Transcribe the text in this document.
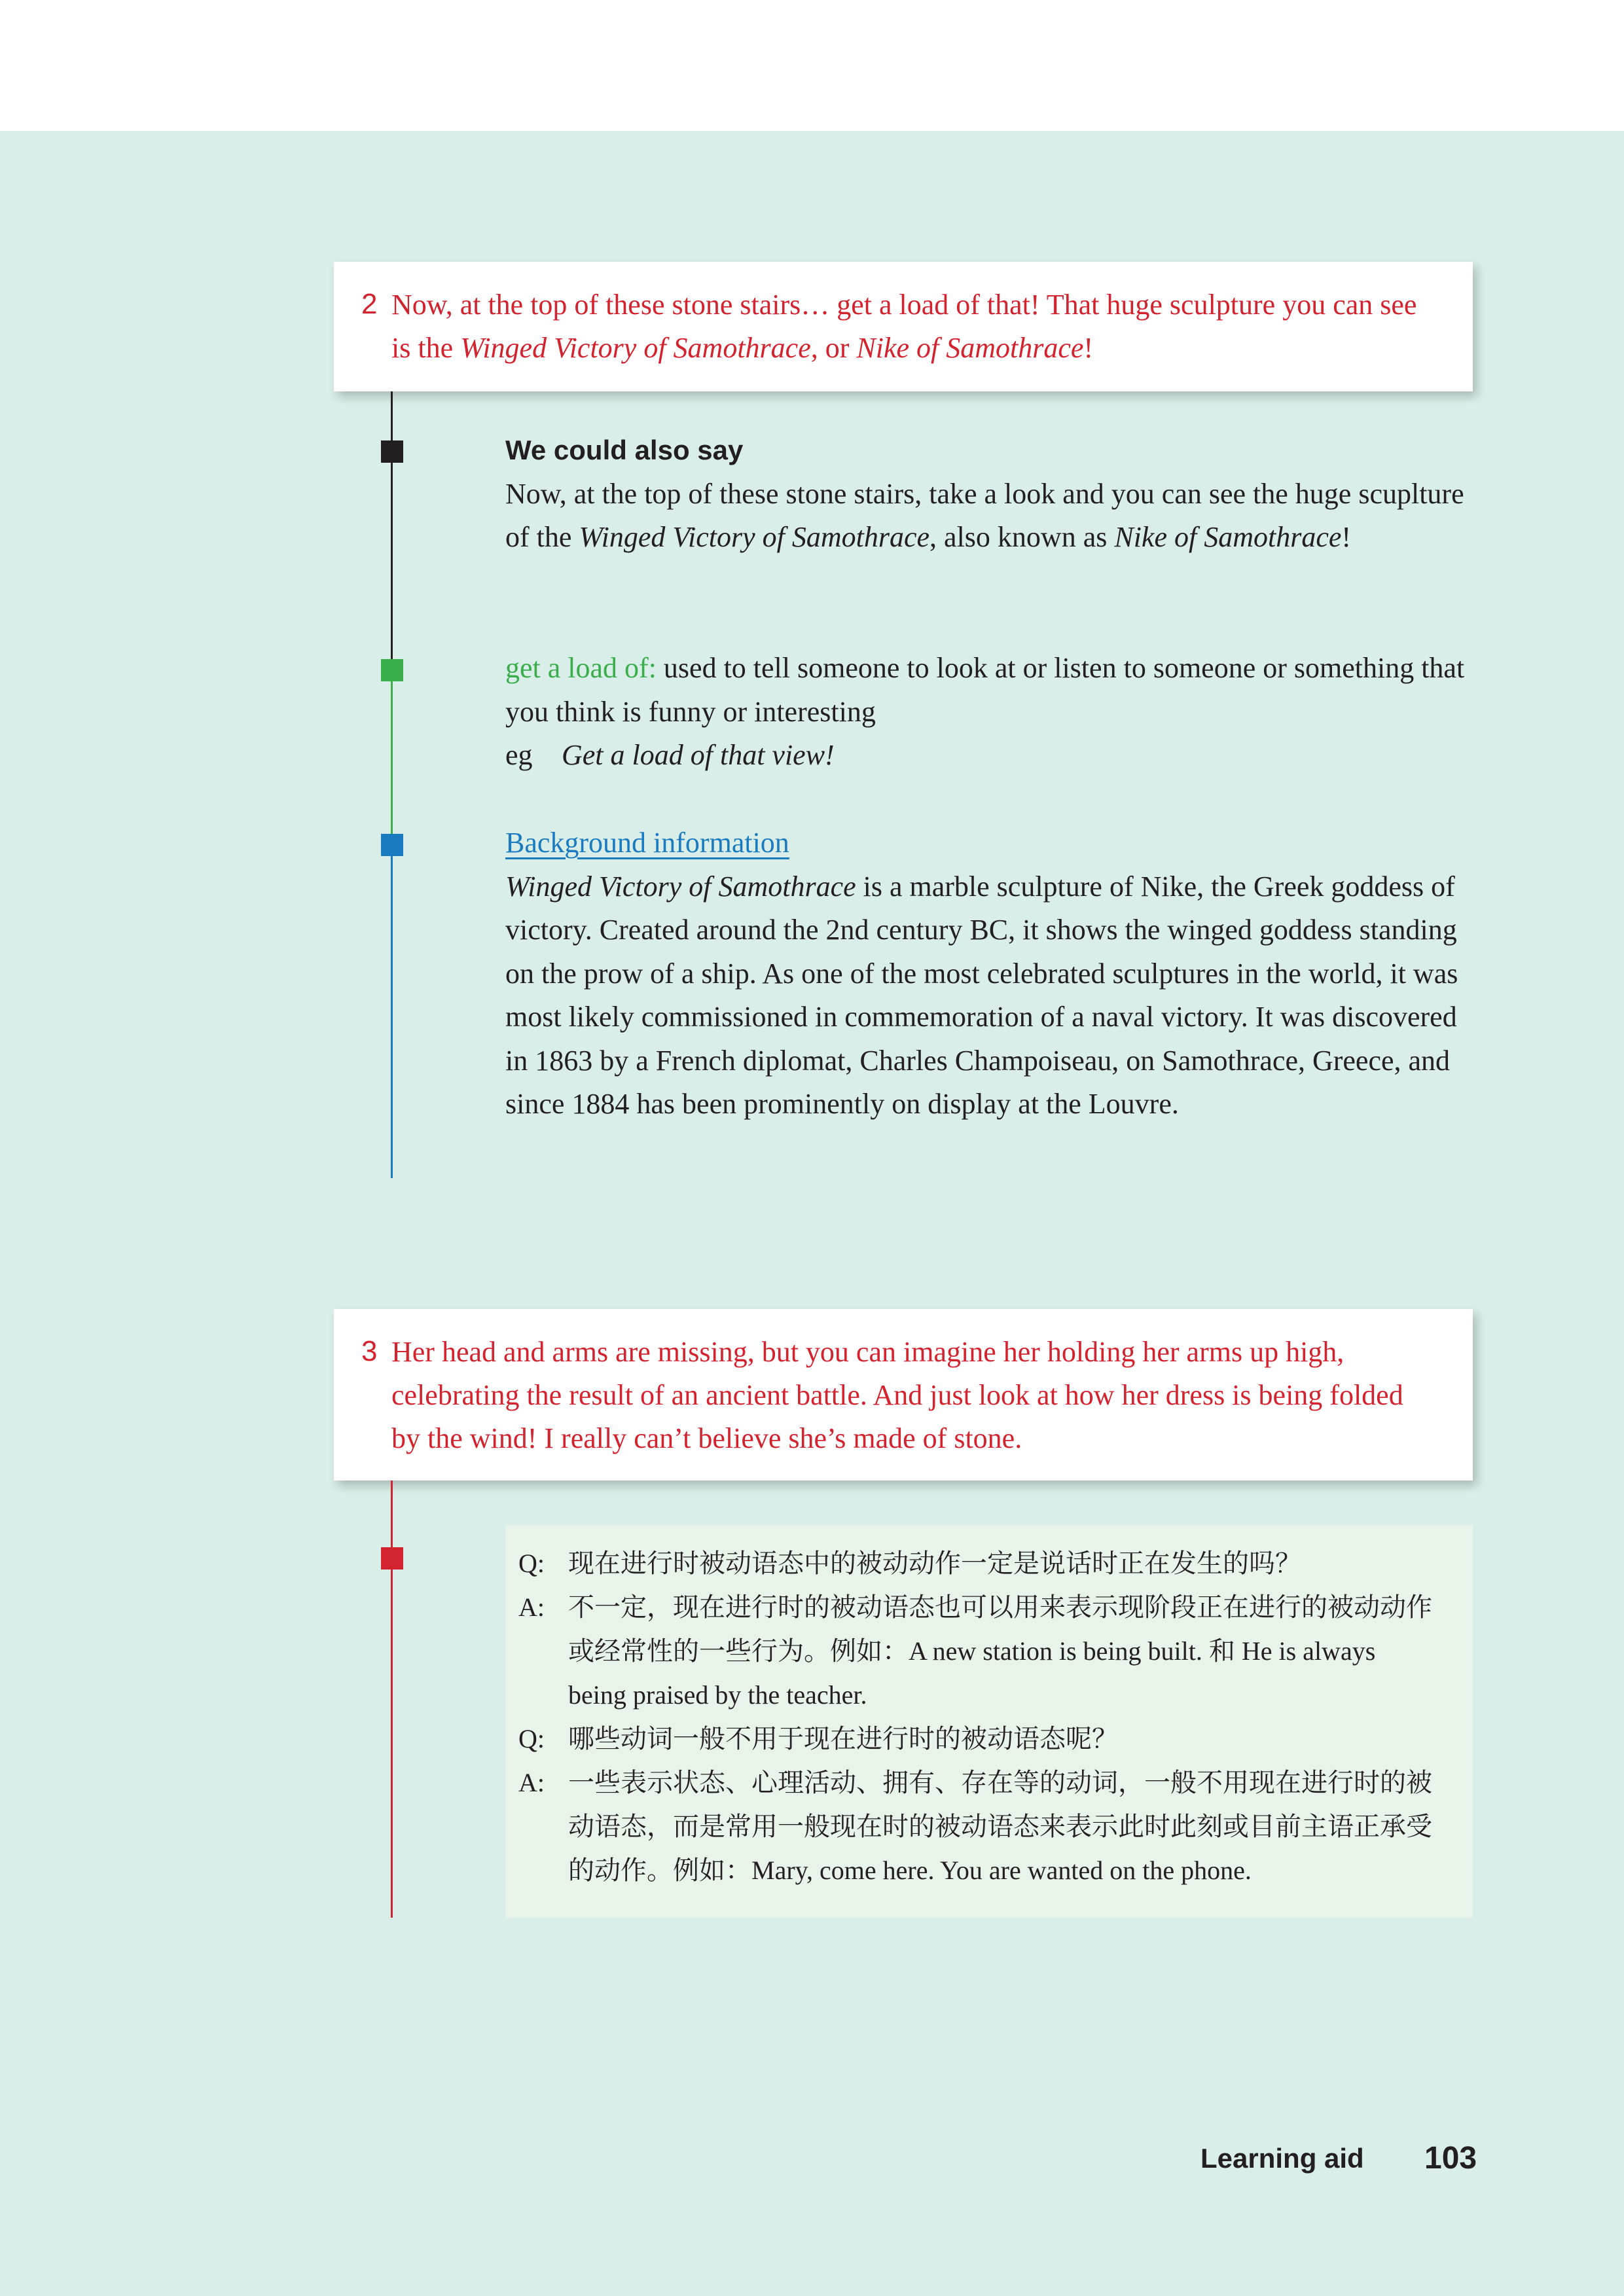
2 Now, at the top of these stone stairs… get a load of that! That huge sculpture you can see is the Winged Victory of Samothrace, or Nike of Samothrace!

We could also say

Now, at the top of these stone stairs, take a look and you can see the huge scuplture of the Winged Victory of Samothrace, also known as Nike of Samothrace!

get a load of: used to tell someone to look at or listen to someone or something that you think is funny or interesting

eg Get a load of that view!

Background information

Winged Victory of Samothrace is a marble sculpture of Nike, the Greek goddess of victory. Created around the 2nd century BC, it shows the winged goddess standing on the prow of a ship. As one of the most celebrated sculptures in the world, it was most likely commissioned in commemoration of a naval victory. It was discovered in 1863 by a French diplomat, Charles Champoiseau, on Samothrace, Greece, and since 1884 has been prominently on display at the Louvre.

3 Her head and arms are missing, but you can imagine her holding her arms up high, celebrating the result of an ancient battle. And just look at how her dress is being folded by the wind! I really can’t believe she’s made of stone.
Q: 现在进行时被动语态中的被动动作一定是说话时正在发生的吗？
A: 不一定，现在进行时的被动语态也可以用来表示现阶段正在进行的被动动作或经常性的一些行为。例如：A new station is being built. 和 He is always being praised by the teacher.
Q: 哪些动词一般不用于现在进行时的被动语态呢？
A: 一些表示状态、心理活动、拥有、存在等的动词，一般不用现在进行时的被动语态，而是常用一般现在时的被动语态来表示此时此刻或目前主语正承受的动作。例如：Mary, come here. You are wanted on the phone.
Learning aid 103
